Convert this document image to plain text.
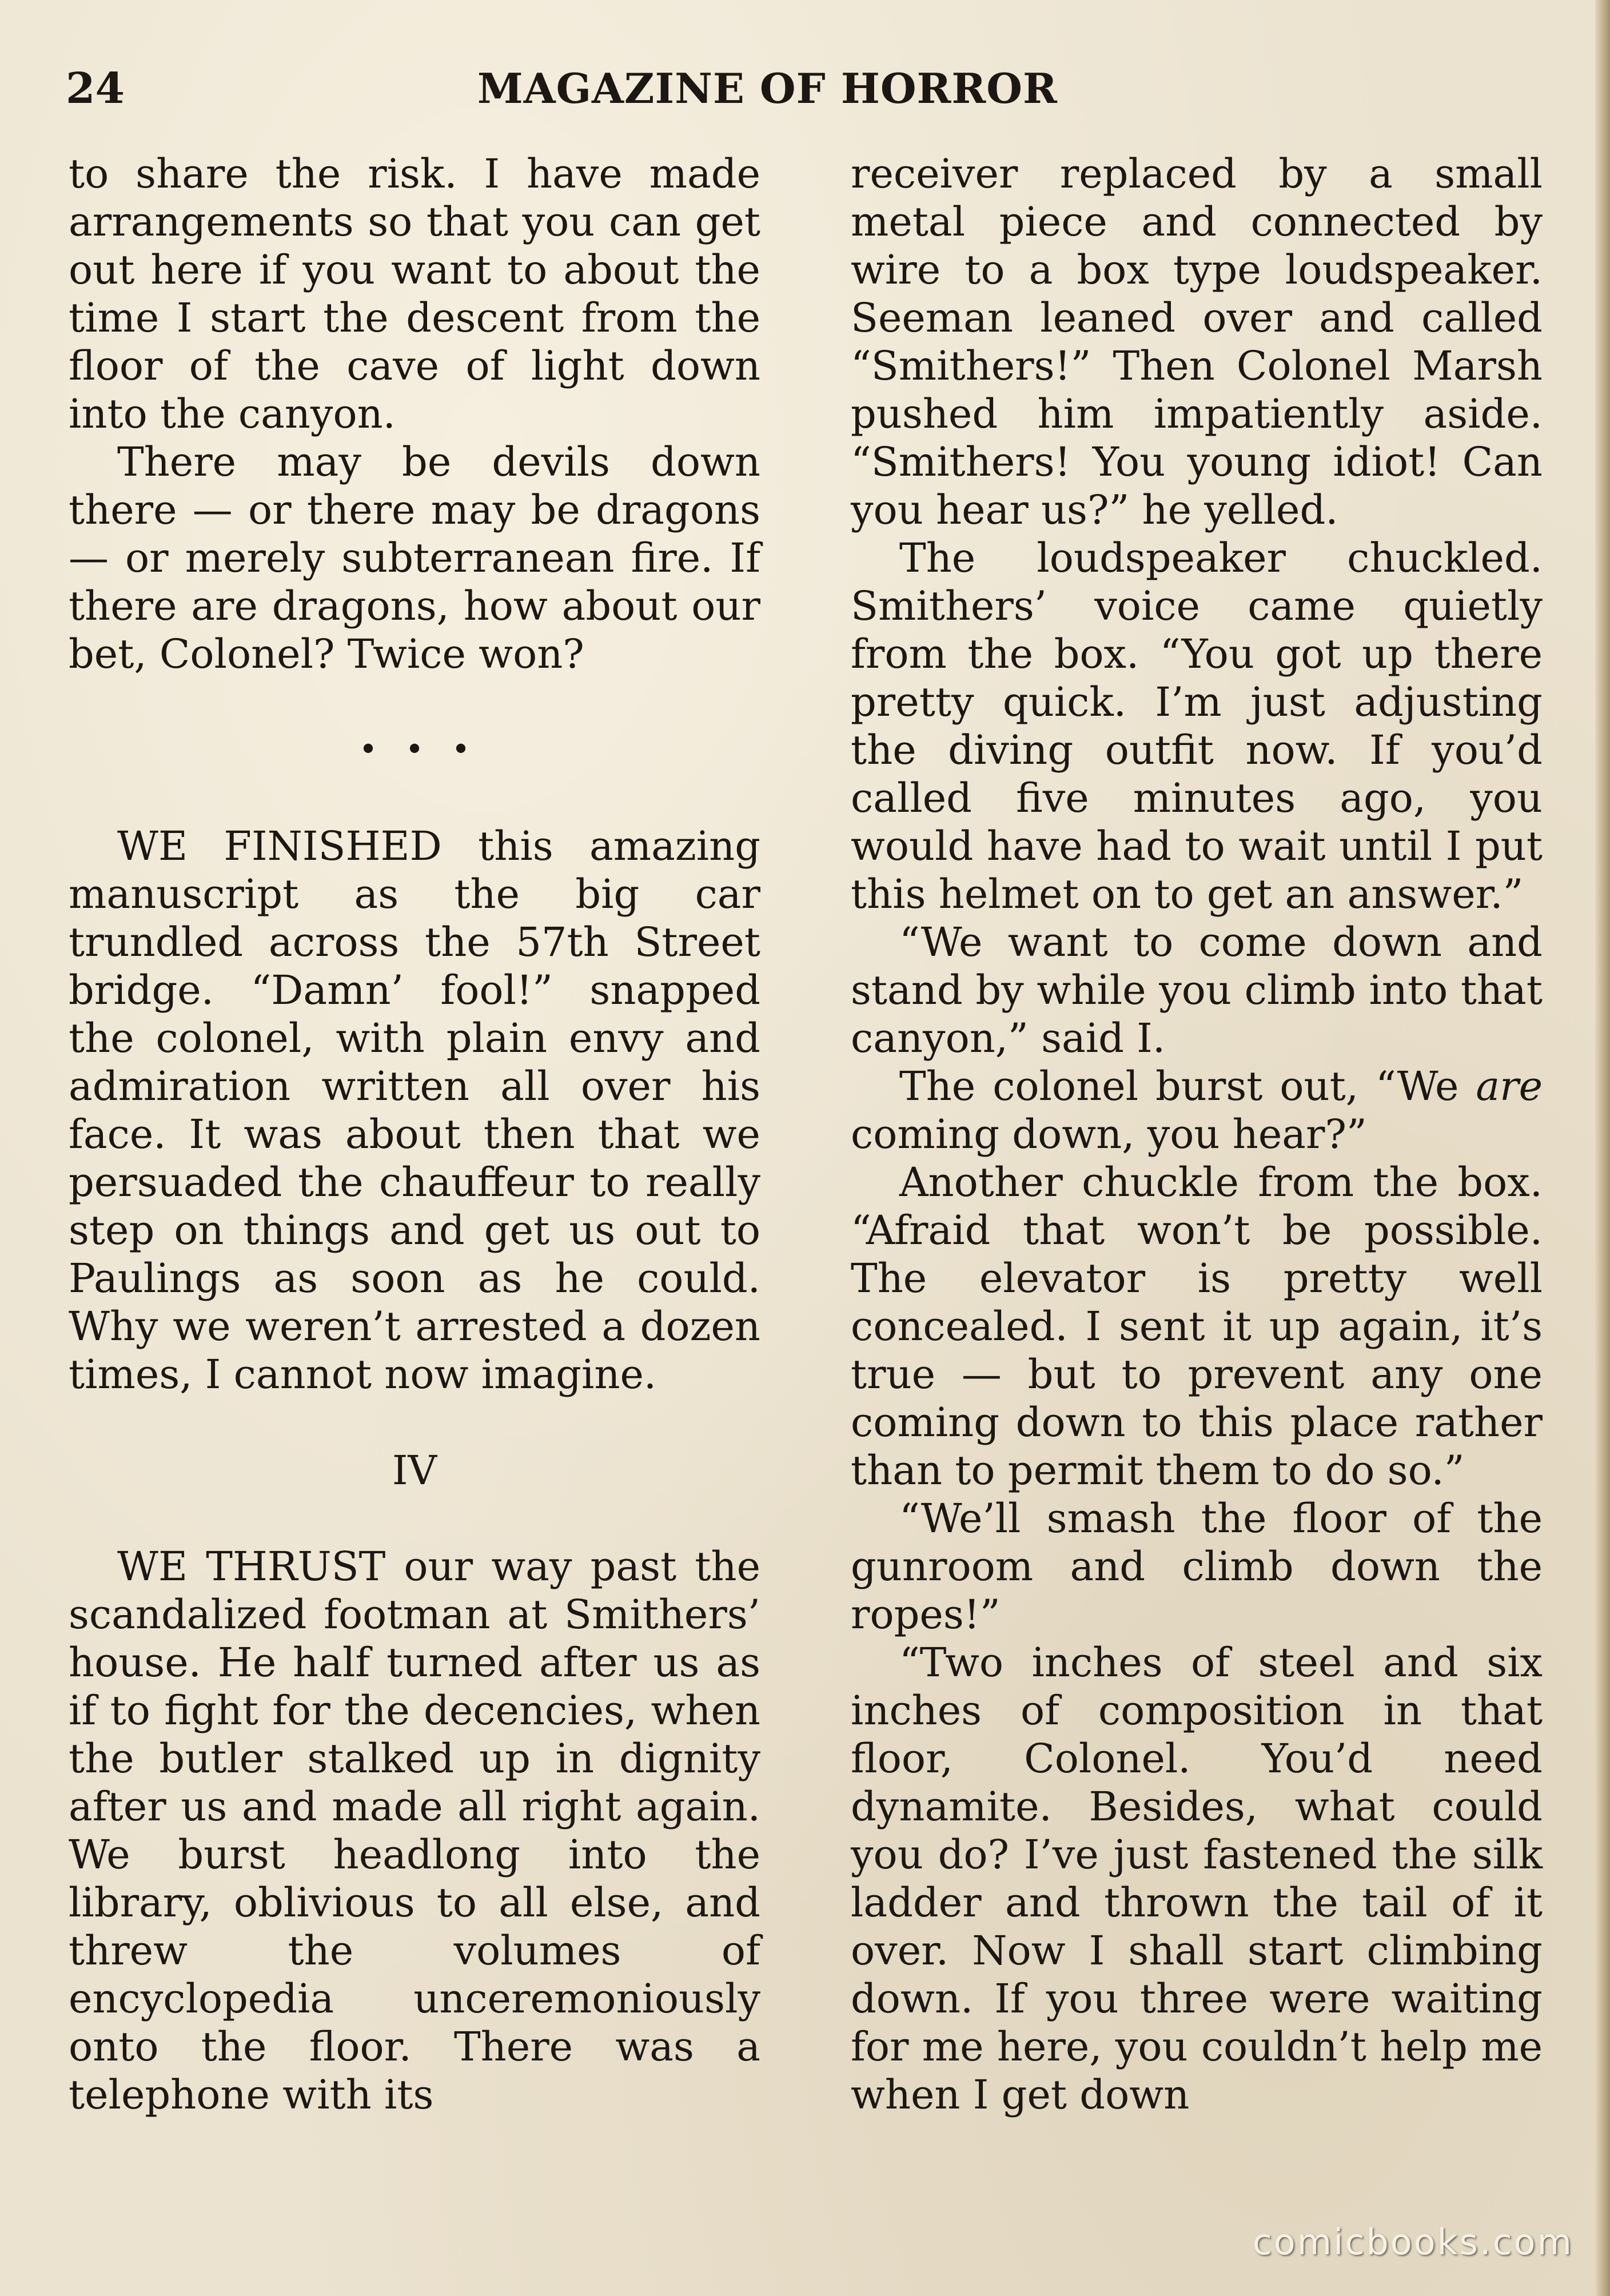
24	MAGAZINE OF HORROR

to share the risk. I have made arrangements so that you can get out here if you want to about the time I start the descent from the floor of the cave of light down into the canyon.

There may be devils down there — or there may be dragons — or merely subterranean fire. If there are dragons, how about our bet, Colonel? Twice won?

•••

WE FINISHED this amazing manuscript as the big car trundled across the 57th Street bridge. “Damn’ fool!” snapped the colonel, with plain envy and admiration written all over his face. It was about then that we persuaded the chauffeur to really step on things and get us out to Paulings as soon as he could. Why we weren’t arrested a dozen times, I cannot now imagine.

IV

WE THRUST our way past the scandalized footman at Smithers’ house. He half turned after us as if to fight for the decencies, when the butler stalked up in dignity after us and made all right again. We burst headlong into the library, oblivious to all else, and threw the volumes of encyclopedia unceremoniously onto the floor. There was a telephone with its

receiver replaced by a small metal piece and connected by wire to a box type loudspeaker. Seeman leaned over and called “Smithers!” Then Colonel Marsh pushed him impatiently aside. “Smithers! You young idiot! Can you hear us?” he yelled.

The loudspeaker chuckled. Smithers’ voice came quietly from the box. “You got up there pretty quick. I’m just adjusting the diving outfit now. If you’d called five minutes ago, you would have had to wait until I put this helmet on to get an answer.”

“We want to come down and stand by while you climb into that canyon,” said I.

The colonel burst out, “We are coming down, you hear?”

Another chuckle from the box. “Afraid that won’t be possible. The elevator is pretty well concealed. I sent it up again, it’s true — but to prevent any one coming down to this place rather than to permit them to do so.”

“We’ll smash the floor of the gunroom and climb down the ropes!”

“Two inches of steel and six inches of composition in that floor, Colonel. You’d need dynamite. Besides, what could you do? I’ve just fastened the silk ladder and thrown the tail of it over. Now I shall start climbing down. If you three were waiting for me here, you couldn’t help me when I get down

comicbooks.com
